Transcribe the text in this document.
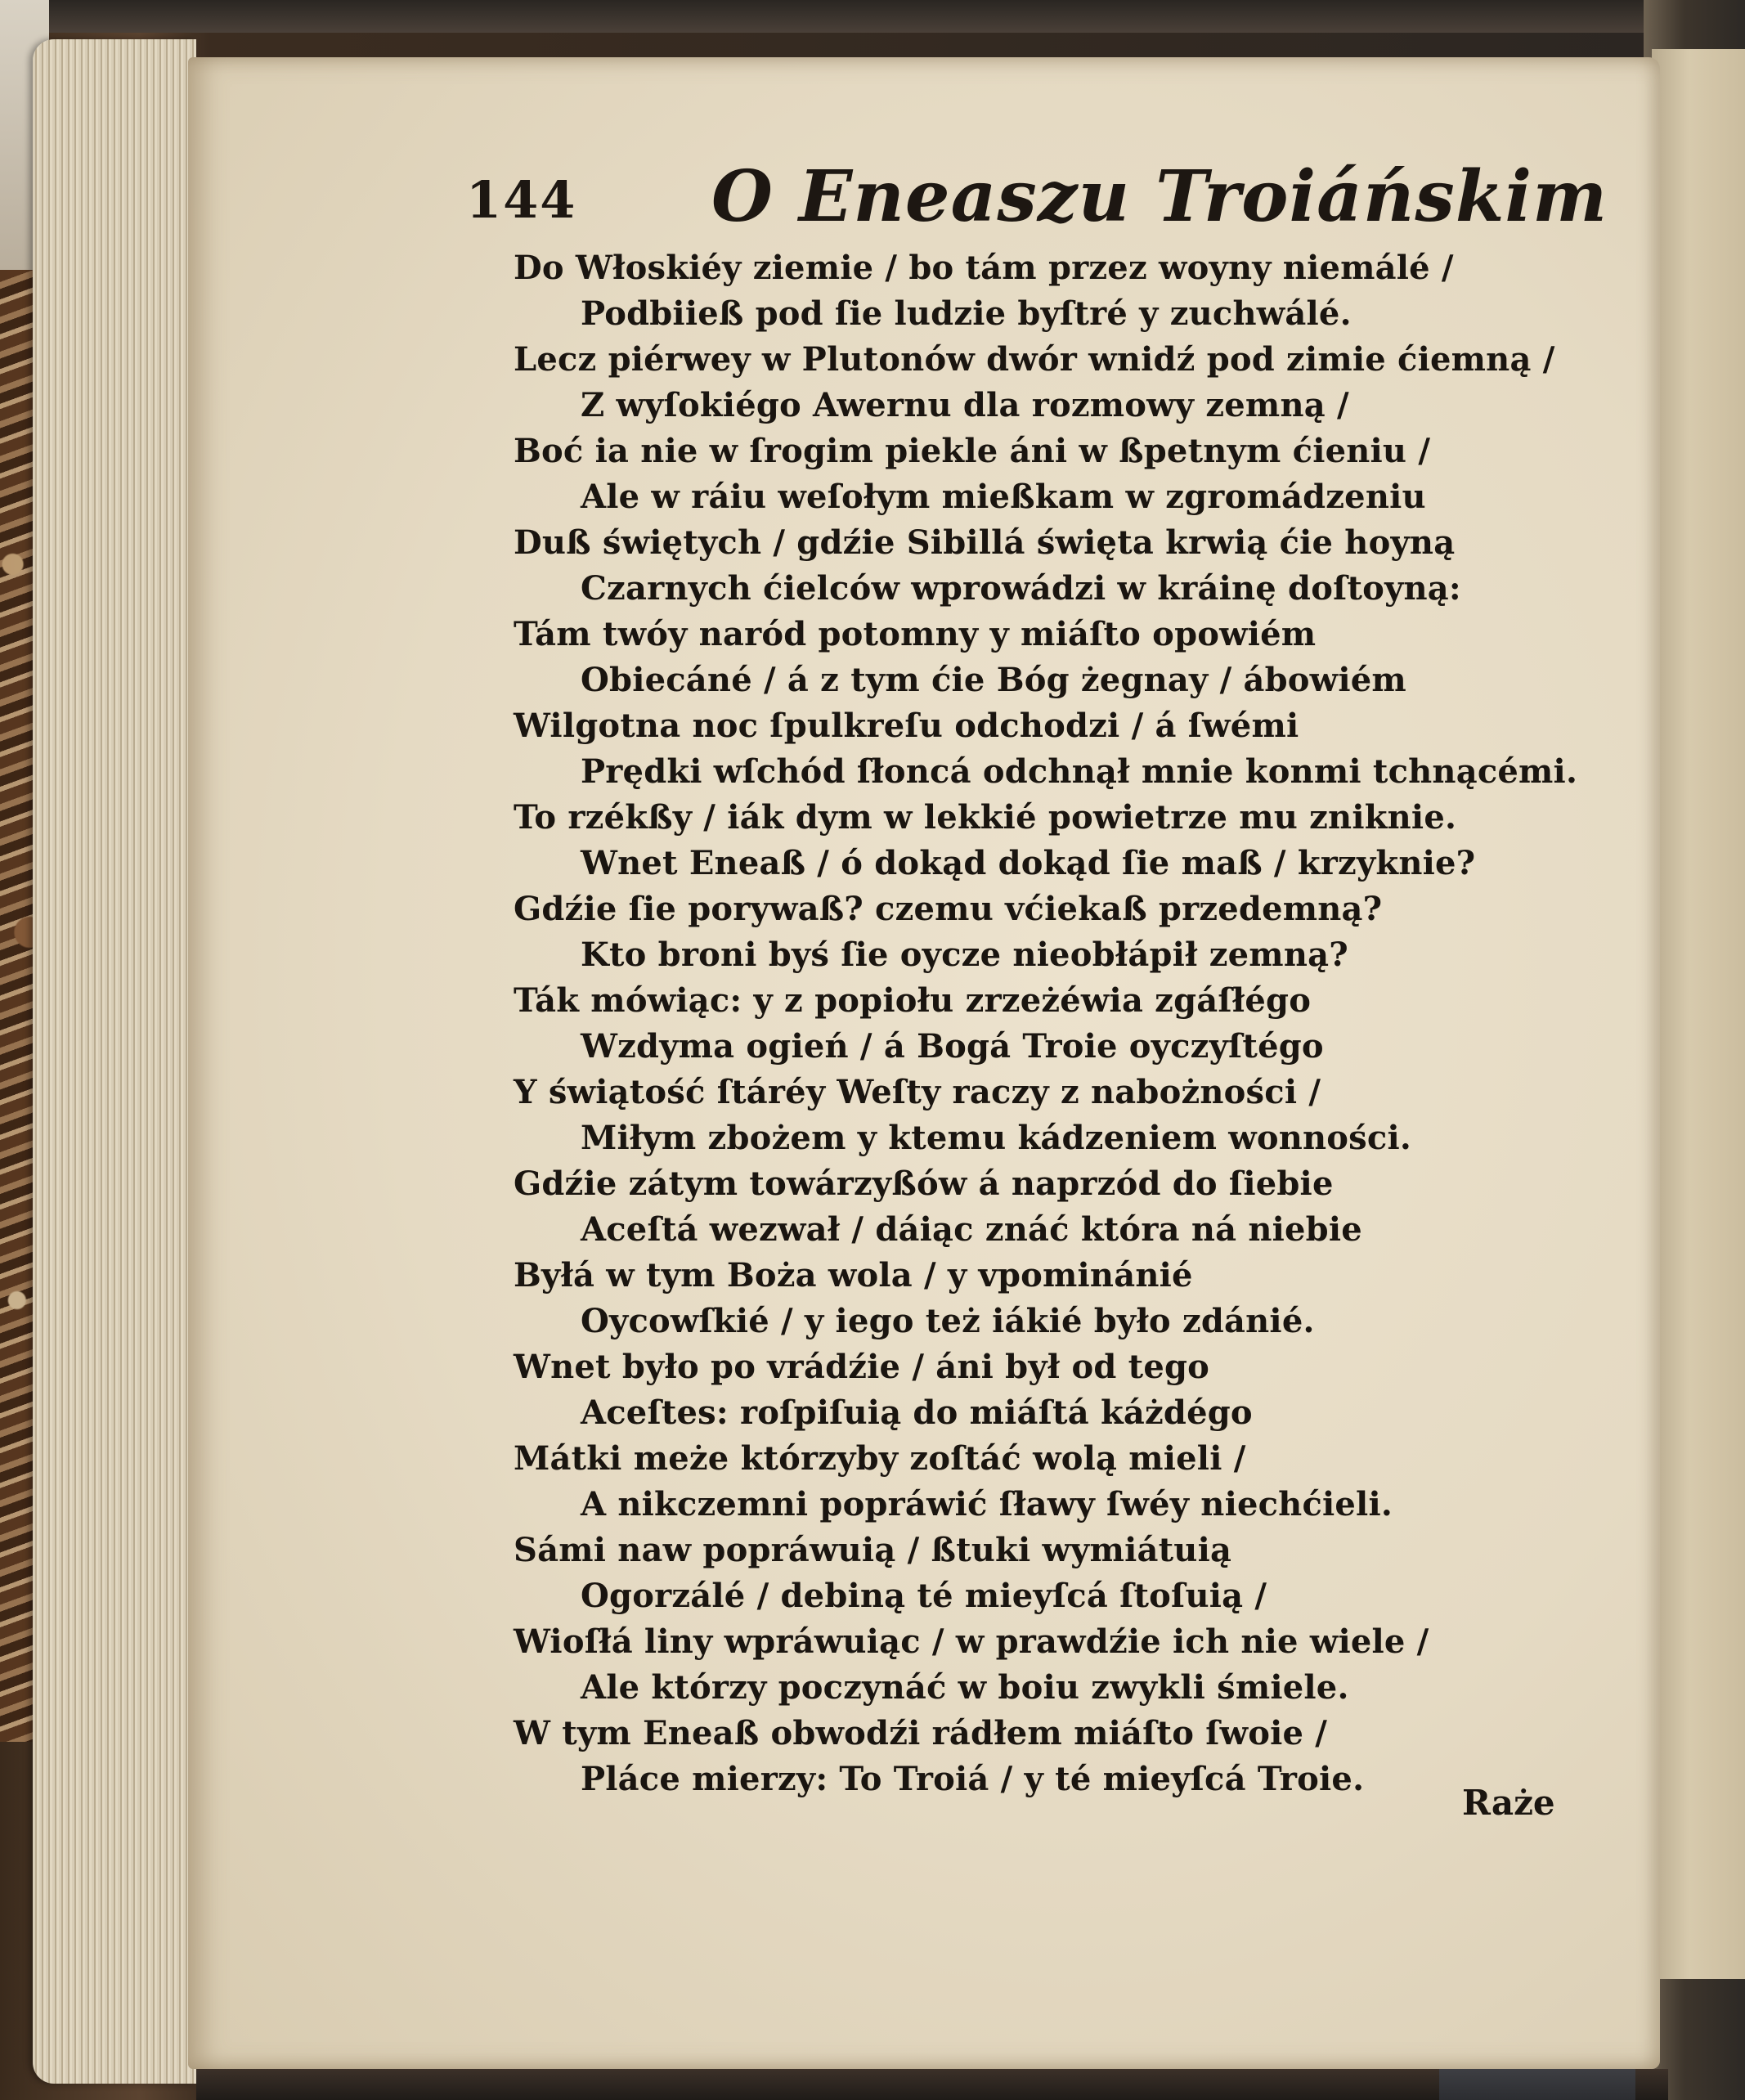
144 O Eneaszu Troiáńskim
Do Włoskiéy ziemie / bo tám przez woyny niemálé /
Podbiieß pod ſie ludzie byſtré y zuchwálé.
Lecz piérwey w Plutonów dwór wnidź pod zimie ćiemną /
Z wyſokiégo Awernu dla rozmowy zemną /
Boć ia nie w ſrogim piekle áni w ßpetnym ćieniu /
Ale w ráiu weſołym mießkam w zgromádzeniu
Duß świętych / gdźie Sibillá święta krwią ćie hoyną
Czarnych ćielców wprowádzi w kráinę doſtoyną:
Tám twóy naród potomny y miáſto opowiém
Obiecáné / á z tym ćie Bóg żegnay / ábowiém
Wilgotna noc ſpulkreſu odchodzi / á ſwémi
Prędki wſchód ſłoncá odchnął mnie konmi tchnącémi.
To rzékßy / iák dym w lekkié powietrze mu zniknie.
Wnet Eneaß / ó dokąd dokąd ſie maß / krzyknie?
Gdźie ſie porywaß? czemu vćiekaß przedemną?
Kto broni byś ſie oycze nieobłápił zemną?
Ták mówiąc: y z popiołu zrzeżéwia zgáſłégo
Wzdyma ogień / á Bogá Troie oyczyſtégo
Y świątość ſtáréy Weſty raczy z nabożności /
Miłym zbożem y ktemu kádzeniem wonności.
Gdźie zátym towárzyßów á naprzód do ſiebie
Aceſtá wezwał / dáiąc znáć która ná niebie
Byłá w tym Boża wola / y vpominánié
Oycowſkié / y iego też iákié było zdánié.
Wnet było po vrádźie / áni był od tego
Aceſtes: roſpiſuią do miáſtá káżdégo
Mátki meże którzyby zoſtáć wolą mieli /
A nikczemni popráwić ſławy ſwéy niechćieli.
Sámi naw popráwuią / ßtuki wymiátuią
Ogorzálé / debiną té mieyſcá ſtoſuią /
Wioſłá liny wpráwuiąc / w prawdźie ich nie wiele /
Ale którzy poczynáć w boiu zwykli śmiele.
W tym Eneaß obwodźi rádłem miáſto ſwoie /
Pláce mierzy: To Troiá / y té mieyſcá Troie.
Raże
